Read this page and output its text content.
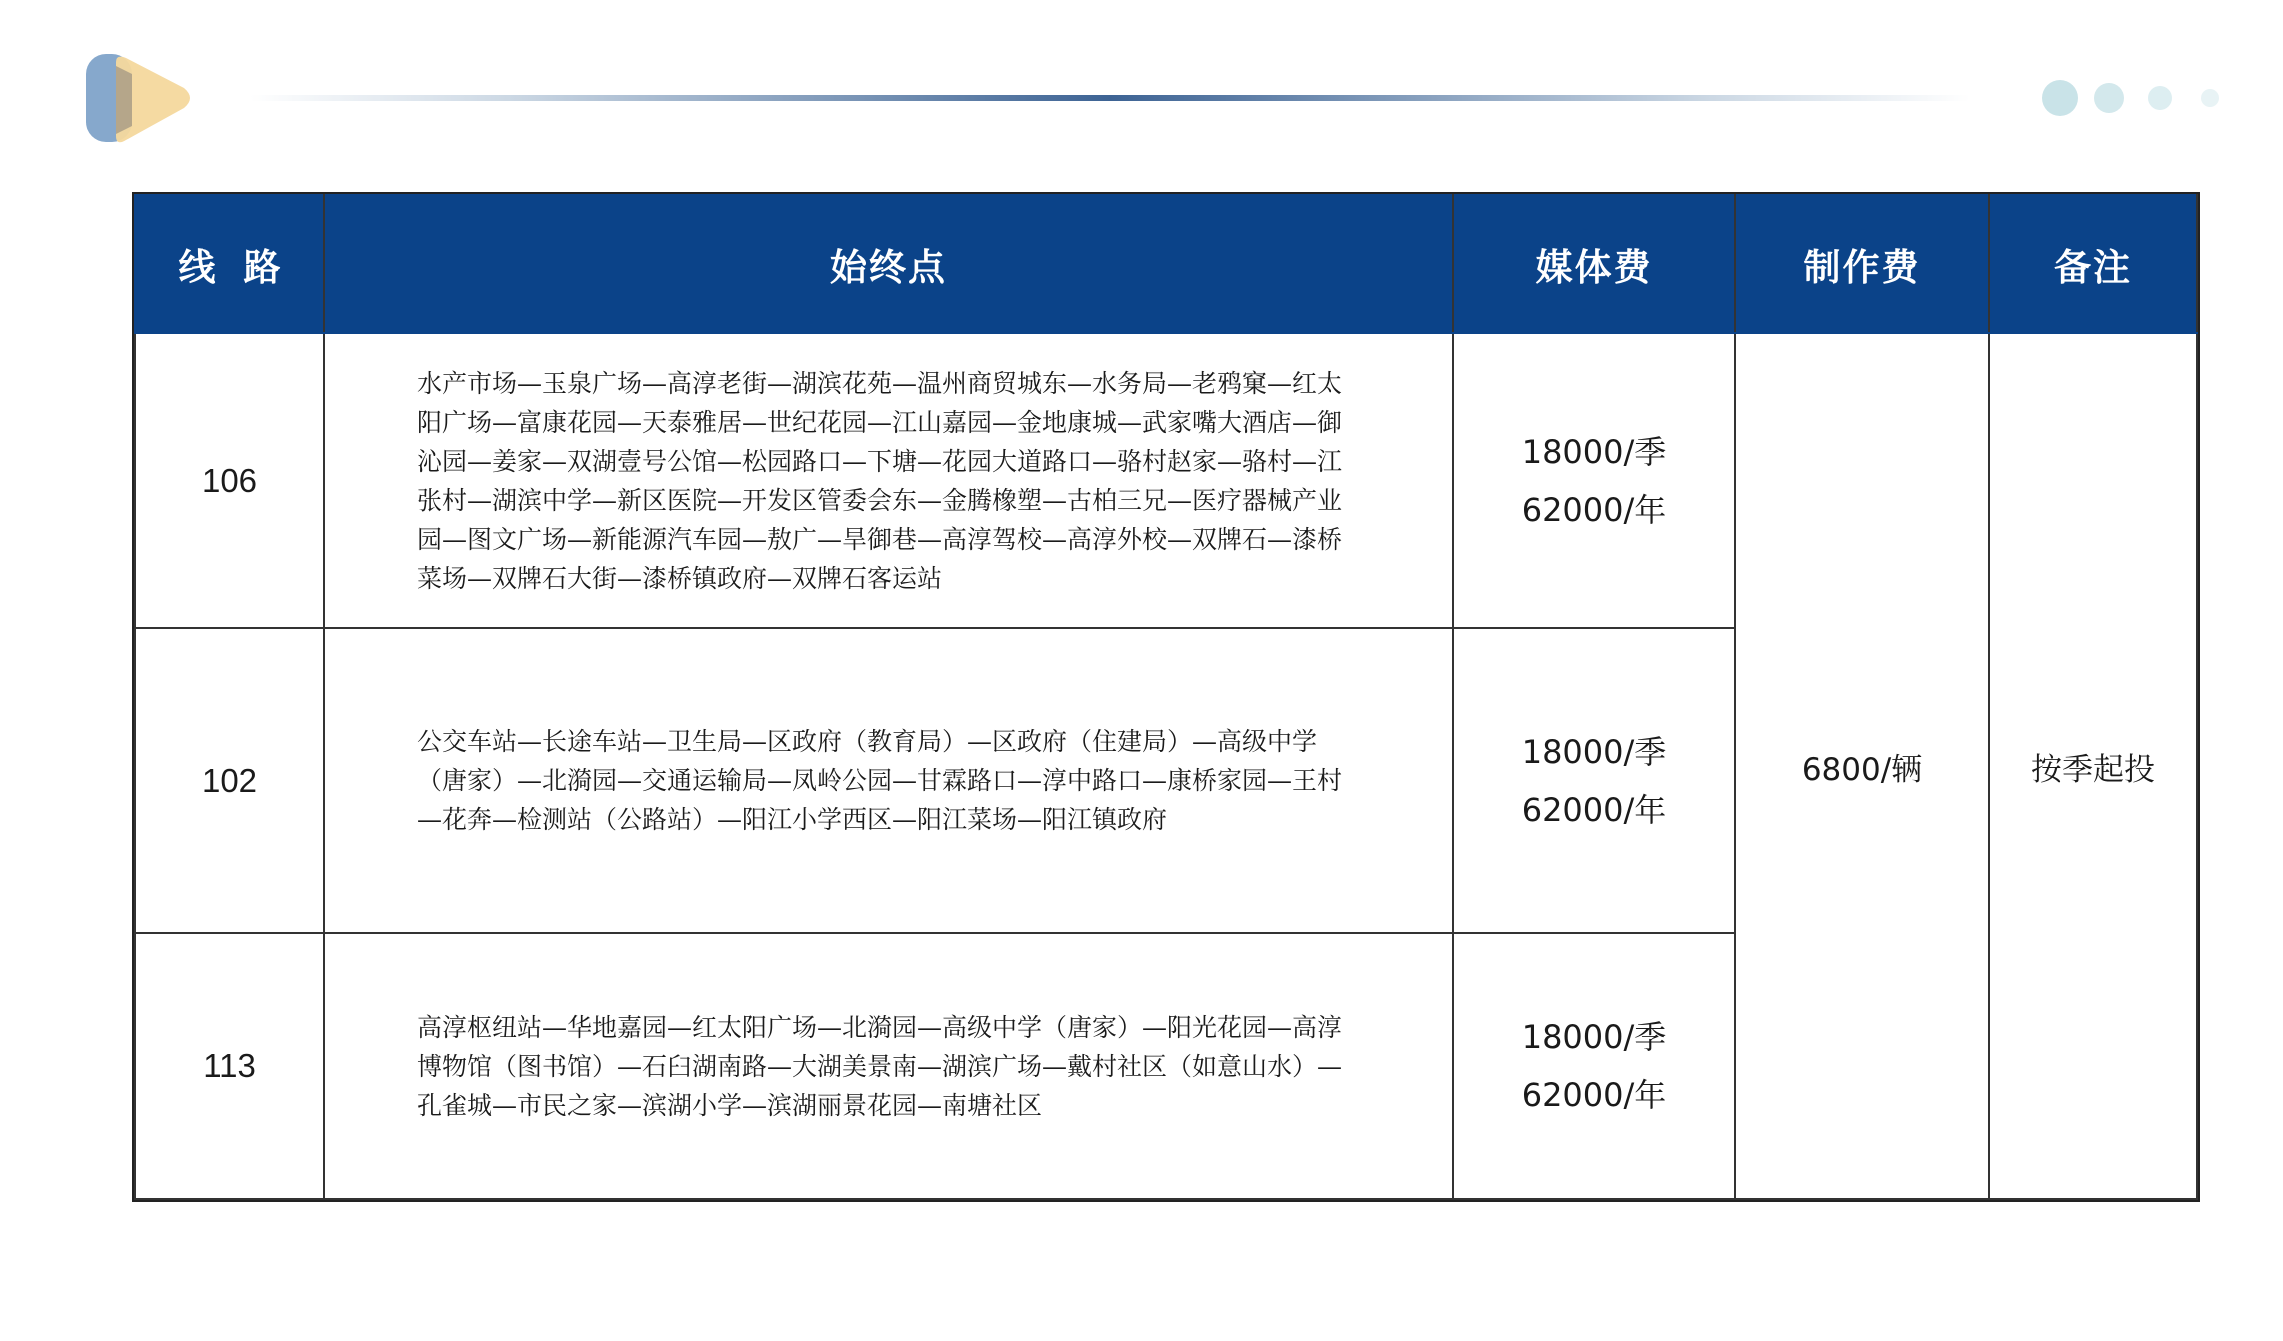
线路	始终点	媒体费	制作费	备注
106	水产市场—玉泉广场—高淳老街—湖滨花苑—温州商贸城东—水务局—老鸦窠—红太阳广场—富康花园—天泰雅居—世纪花园—江山嘉园—金地康城—武家嘴大酒店—御沁园—姜家—双湖壹号公馆—松园路口—下塘—花园大道路口—骆村赵家—骆村—江张村—湖滨中学—新区医院—开发区管委会东—金腾橡塑—古柏三兄—医疗器械产业园—图文广场—新能源汽车园—敖广—旱御巷—高淳驾校—高淳外校—双牌石—漆桥菜场—双牌石大街—漆桥镇政府—双牌石客运站	18000/季
62000/年	6800/辆	按季起投
102	公交车站—长途车站—卫生局—区政府（教育局）—区政府（住建局）—高级中学（唐家）—北漪园—交通运输局—凤岭公园—甘霖路口—淳中路口—康桥家园—王村—花奔—检测站（公路站）—阳江小学西区—阳江菜场—阳江镇政府	18000/季
62000/年		

113	高淳枢纽站—华地嘉园—红太阳广场—北漪园—高级中学（唐家）—阳光花园—高淳博物馆（图书馆）—石臼湖南路—大湖美景南—湖滨广场—戴村社区（如意山水）—孔雀城—市民之家—滨湖小学—滨湖丽景花园—南塘社区	18000/季
62000/年		
